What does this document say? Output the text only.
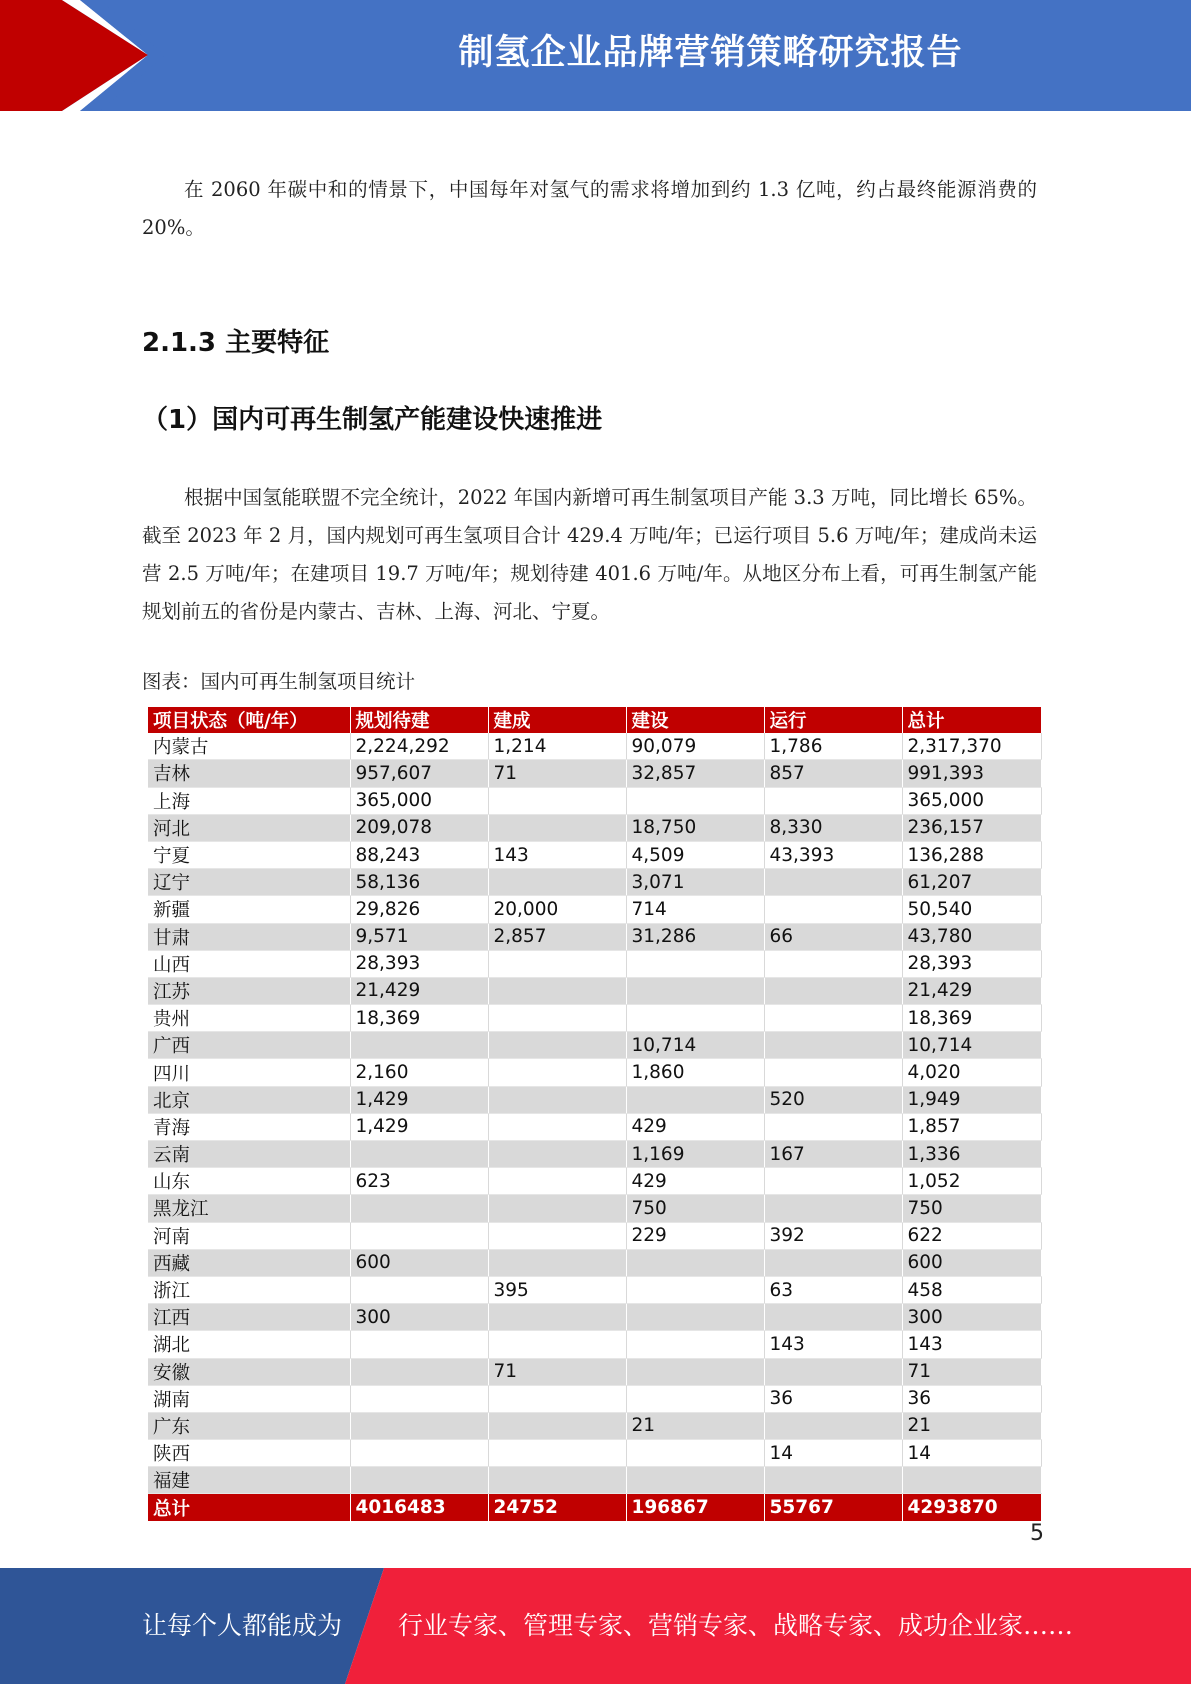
制氢企业品牌营销策略研究报告

在 2060 年碳中和的情景下，中国每年对氢气的需求将增加到约 1.3 亿吨，约占最终能源消费的 20%。

2.1.3 主要特征
（1）国内可再生制氢产能建设快速推进

根据中国氢能联盟不完全统计，2022 年国内新增可再生制氢项目产能 3.3 万吨，同比增长 65%。截至 2023 年 2 月，国内规划可再生氢项目合计 429.4 万吨/年；已运行项目 5.6 万吨/年；建成尚未运营 2.5 万吨/年；在建项目 19.7 万吨/年；规划待建 401.6 万吨/年。从地区分布上看，可再生制氢产能规划前五的省份是内蒙古、吉林、上海、河北、宁夏。

图表：国内可再生制氢项目统计
项目状态（吨/年）	规划待建	建成	建设	运行	总计
内蒙古	2,224,292	1,214	90,079	1,786	2,317,370
吉林	957,607	71	32,857	857	991,393
上海	365,000				365,000
河北	209,078		18,750	8,330	236,157
宁夏	88,243	143	4,509	43,393	136,288
辽宁	58,136		3,071		61,207
新疆	29,826	20,000	714		50,540
甘肃	9,571	2,857	31,286	66	43,780
山西	28,393				28,393
江苏	21,429				21,429
贵州	18,369				18,369
广西			10,714		10,714
四川	2,160		1,860		4,020
北京	1,429			520	1,949
青海	1,429		429		1,857
云南			1,169	167	1,336
山东	623		429		1,052
黑龙江			750		750
河南			229	392	622
西藏	600				600
浙江		395		63	458
江西	300				300
湖北				143	143
安徽		71			71
湖南				36	36
广东			21		21
陕西				14	14
福建					
总计	4016483	24752	196867	55767	4293870
5
让每个人都能成为 行业专家、管理专家、营销专家、战略专家、成功企业家……
